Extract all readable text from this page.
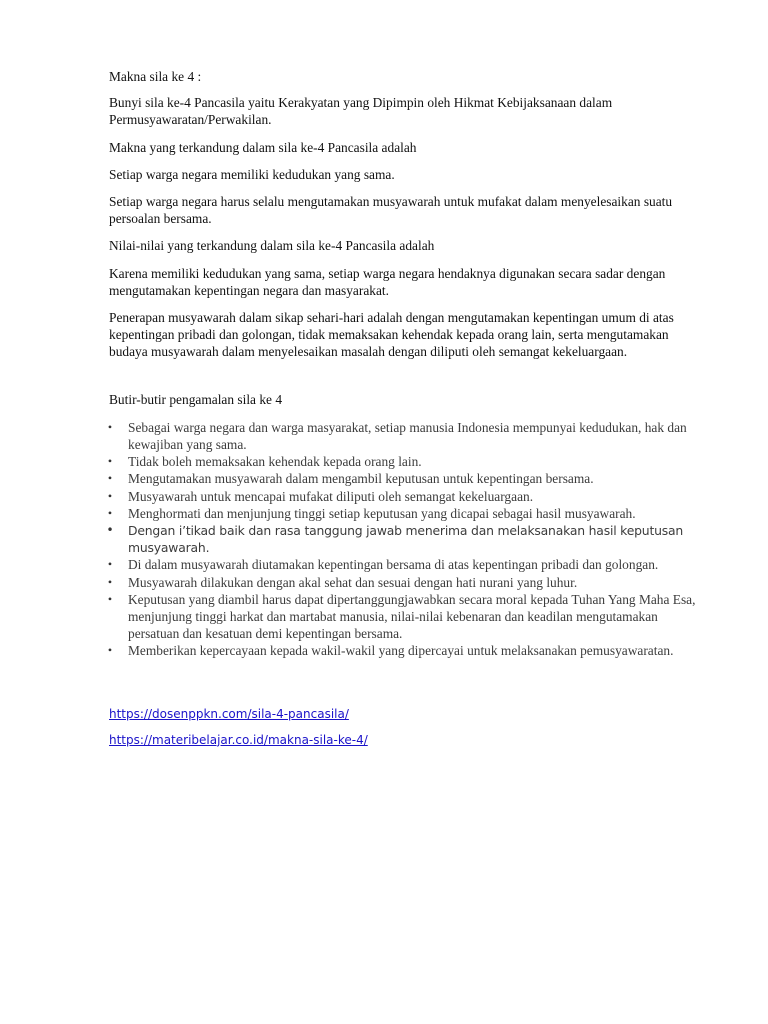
Makna sila ke 4 :

Bunyi sila ke-4 Pancasila yaitu Kerakyatan yang Dipimpin oleh Hikmat Kebijaksanaan dalam Permusyawaratan/Perwakilan.

Makna yang terkandung dalam sila ke-4 Pancasila adalah

Setiap warga negara memiliki kedudukan yang sama.

Setiap warga negara harus selalu mengutamakan musyawarah untuk mufakat dalam menyelesaikan suatu persoalan bersama.

Nilai-nilai yang terkandung dalam sila ke-4 Pancasila adalah

Karena memiliki kedudukan yang sama, setiap warga negara hendaknya digunakan secara sadar dengan mengutamakan kepentingan negara dan masyarakat.

Penerapan musyawarah dalam sikap sehari-hari adalah dengan mengutamakan kepentingan umum di atas kepentingan pribadi dan golongan, tidak memaksakan kehendak kepada orang lain, serta mengutamakan budaya musyawarah dalam menyelesaikan masalah dengan diliputi oleh semangat kekeluargaan.

Butir-butir pengamalan sila ke 4

• Sebagai warga negara dan warga masyarakat, setiap manusia Indonesia mempunyai kedudukan, hak dan kewajiban yang sama.
• Tidak boleh memaksakan kehendak kepada orang lain.
• Mengutamakan musyawarah dalam mengambil keputusan untuk kepentingan bersama.
• Musyawarah untuk mencapai mufakat diliputi oleh semangat kekeluargaan.
• Menghormati dan menjunjung tinggi setiap keputusan yang dicapai sebagai hasil musyawarah.
• Dengan i’tikad baik dan rasa tanggung jawab menerima dan melaksanakan hasil keputusan musyawarah.
• Di dalam musyawarah diutamakan kepentingan bersama di atas kepentingan pribadi dan golongan.
• Musyawarah dilakukan dengan akal sehat dan sesuai dengan hati nurani yang luhur.
• Keputusan yang diambil harus dapat dipertanggungjawabkan secara moral kepada Tuhan Yang Maha Esa, menjunjung tinggi harkat dan martabat manusia, nilai-nilai kebenaran dan keadilan mengutamakan persatuan dan kesatuan demi kepentingan bersama.
• Memberikan kepercayaan kepada wakil-wakil yang dipercayai untuk melaksanakan pemusyawaratan.
https://dosenppkn.com/sila-4-pancasila/
https://materibelajar.co.id/makna-sila-ke-4/
